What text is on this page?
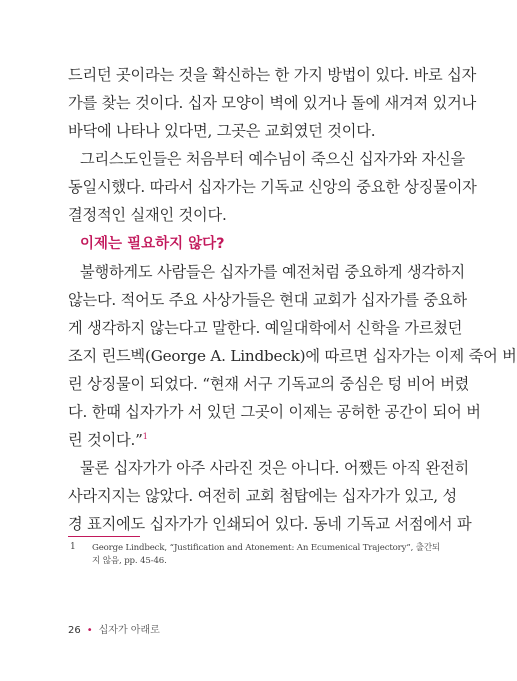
드리던 곳이라는 것을 확신하는 한 가지 방법이 있다. 바로 십자
가를 찾는 것이다. 십자 모양이 벽에 있거나 돌에 새겨져 있거나
바닥에 나타나 있다면, 그곳은 교회였던 것이다.
그리스도인들은 처음부터 예수님이 죽으신 십자가와 자신을
동일시했다. 따라서 십자가는 기독교 신앙의 중요한 상징물이자
결정적인 실재인 것이다.
이제는 필요하지 않다?
불행하게도 사람들은 십자가를 예전처럼 중요하게 생각하지
않는다. 적어도 주요 사상가들은 현대 교회가 십자가를 중요하
게 생각하지 않는다고 말한다. 예일대학에서 신학을 가르쳤던
조지 린드벡(George A. Lindbeck)에 따르면 십자가는 이제 죽어 버
린 상징물이 되었다. “현재 서구 기독교의 중심은 텅 비어 버렸
다. 한때 십자가가 서 있던 그곳이 이제는 공허한 공간이 되어 버
린 것이다.”$^1$
물론 십자가가 아주 사라진 것은 아니다. 어쨌든 아직 완전히
사라지지는 않았다. 여전히 교회 첨탑에는 십자가가 있고, 성
경 표지에도 십자가가 인쇄되어 있다. 동네 기독교 서점에서 파
1 George Lindbeck, “Justification and Atonement: An Ecumenical Trajectory”, 출간되
지 않음, pp. 45-46.
26 • 십자가 아래로
